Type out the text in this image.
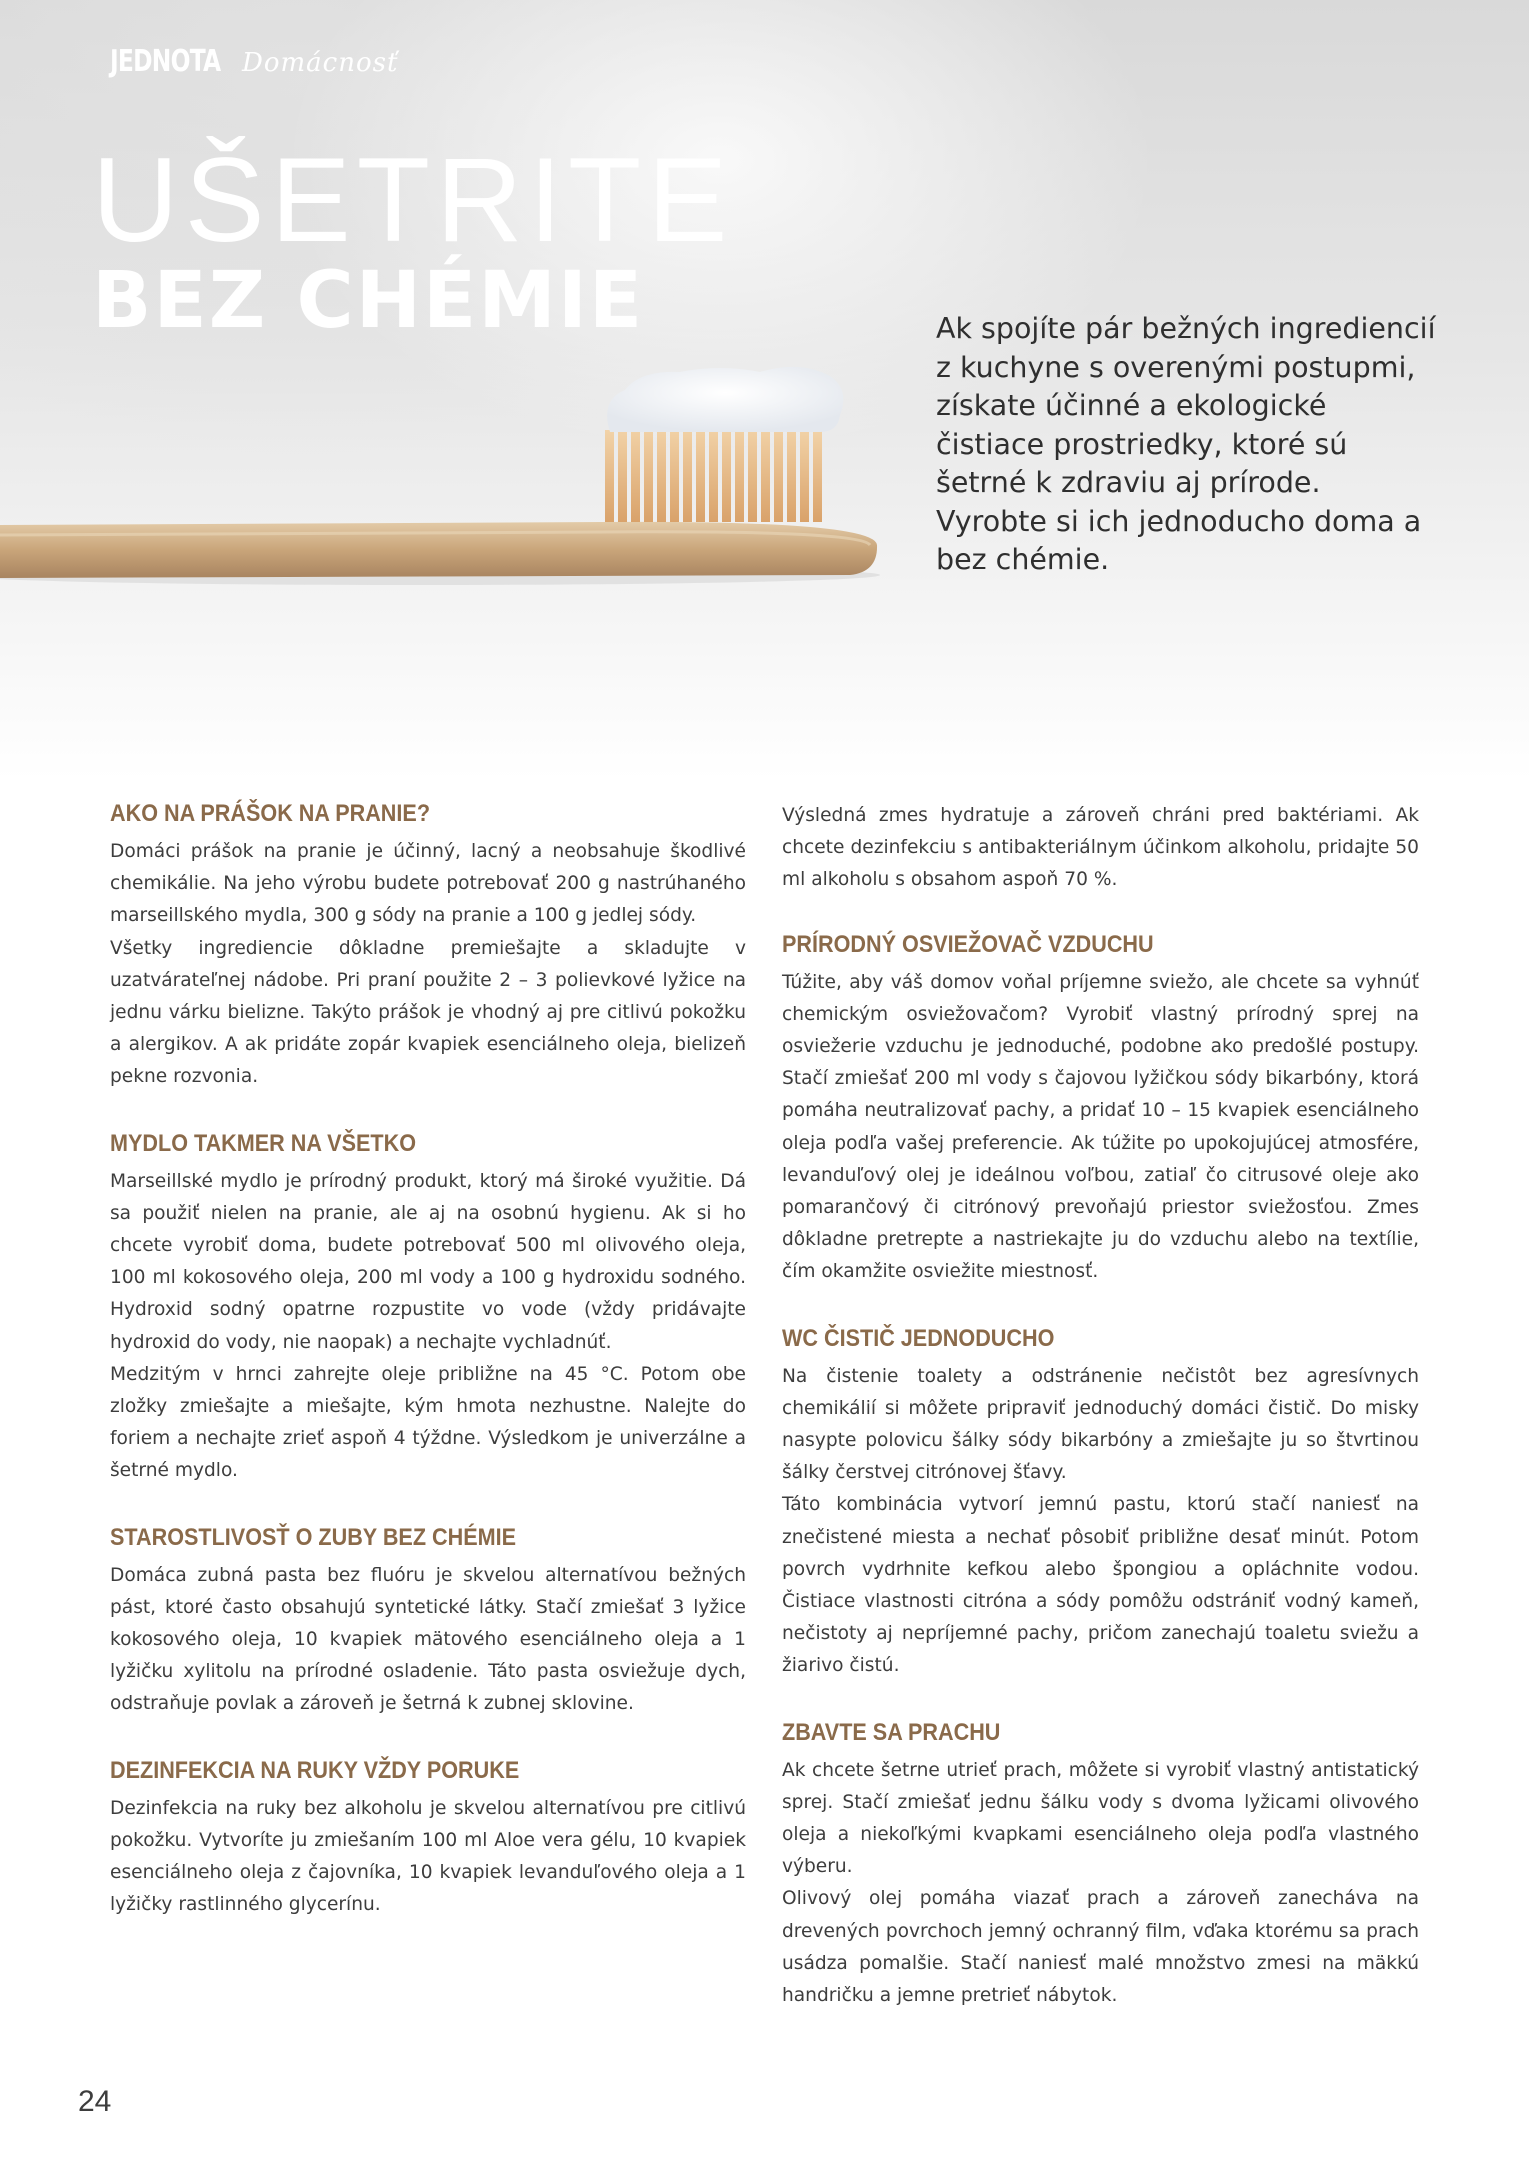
JEDNOTA Domácnosť
UŠETRITE
BEZ CHÉMIE	Ak spojíte pár bežných ingrediencií z kuchyne s overenými postupmi, získate účinné a ekologické čistiace prostriedky, ktoré sú šetrné k zdraviu aj prírode. Vyrobte si ich jednoducho doma a bez chémie.
AKO NA PRÁŠOK NA PRANIE?

Domáci prášok na pranie je účinný, lacný a neobsahuje škodlivé chemikálie. Na jeho výrobu budete potrebovať 200 g nastrúhaného marseillského mydla, 300 g sódy na pranie a 100 g jedlej sódy.

Všetky ingrediencie dôkladne premiešajte a skladujte v uzatvárateľnej nádobe. Pri praní použite 2 – 3 polievkové lyžice na jednu várku bielizne. Takýto prášok je vhodný aj pre citlivú pokožku a alergikov. A ak pridáte zopár kvapiek esenciálneho oleja, bielizeň pekne rozvonia.

MYDLO TAKMER NA VŠETKO

Marseillské mydlo je prírodný produkt, ktorý má široké využitie. Dá sa použiť nielen na pranie, ale aj na osobnú hygienu. Ak si ho chcete vyrobiť doma, budete potrebovať 500 ml olivového oleja, 100 ml kokosového oleja, 200 ml vody a 100 g hydroxidu sodného. Hydroxid sodný opatrne rozpustite vo vode (vždy pridávajte hydroxid do vody, nie naopak) a nechajte vychladnúť.

Medzitým v hrnci zahrejte oleje približne na 45 °C. Potom obe zložky zmiešajte a miešajte, kým hmota nezhustne. Nalejte do foriem a nechajte zrieť aspoň 4 týždne. Výsledkom je univerzálne a šetrné mydlo.

STAROSTLIVOSŤ O ZUBY BEZ CHÉMIE

Domáca zubná pasta bez fluóru je skvelou alternatívou bežných pást, ktoré často obsahujú syntetické látky. Stačí zmiešať 3 lyžice kokosového oleja, 10 kvapiek mätového esenciálneho oleja a 1 lyžičku xylitolu na prírodné osladenie. Táto pasta osviežuje dych, odstraňuje povlak a zároveň je šetrná k zubnej sklovine.

DEZINFEKCIA NA RUKY VŽDY PORUKE

Dezinfekcia na ruky bez alkoholu je skvelou alternatívou pre citlivú pokožku. Vytvoríte ju zmiešaním 100 ml Aloe vera gélu, 10 kvapiek esenciálneho oleja z čajovníka, 10 kvapiek levanduľového oleja a 1 lyžičky rastlinného glycerínu.

Výsledná zmes hydratuje a zároveň chráni pred baktériami. Ak chcete dezinfekciu s antibakteriálnym účinkom alkoholu, pridajte 50 ml alkoholu s obsahom aspoň 70 %.

PRÍRODNÝ OSVIEŽOVAČ VZDUCHU

Túžite, aby váš domov voňal príjemne sviežo, ale chcete sa vyhnúť chemickým osviežovačom? Vyrobiť vlastný prírodný sprej na osviežerie vzduchu je jednoduché, podobne ako predošlé postupy. Stačí zmiešať 200 ml vody s čajovou lyžičkou sódy bikarbóny, ktorá pomáha neutralizovať pachy, a pridať 10 – 15 kvapiek esenciálneho oleja podľa vašej preferencie. Ak túžite po upokojujúcej atmosfére, levanduľový olej je ideálnou voľbou, zatiaľ čo citrusové oleje ako pomarančový či citrónový prevoňajú priestor sviežosťou. Zmes dôkladne pretrepte a nastriekajte ju do vzduchu alebo na textílie, čím okamžite osviežite miestnosť.

WC ČISTIČ JEDNODUCHO

Na čistenie toalety a odstránenie nečistôt bez agresívnych chemikálií si môžete pripraviť jednoduchý domáci čistič. Do misky nasypte polovicu šálky sódy bikarbóny a zmiešajte ju so štvrtinou šálky čerstvej citrónovej šťavy.

Táto kombinácia vytvorí jemnú pastu, ktorú stačí naniesť na znečistené miesta a nechať pôsobiť približne desať minút. Potom povrch vydrhnite kefkou alebo špongiou a opláchnite vodou. Čistiace vlastnosti citróna a sódy pomôžu odstrániť vodný kameň, nečistoty aj nepríjemné pachy, pričom zanechajú toaletu sviežu a žiarivo čistú.

ZBAVTE SA PRACHU

Ak chcete šetrne utrieť prach, môžete si vyrobiť vlastný antistatický sprej. Stačí zmiešať jednu šálku vody s dvoma lyžicami olivového oleja a niekoľkými kvapkami esenciálneho oleja podľa vlastného výberu.

Olivový olej pomáha viazať prach a zároveň zanecháva na drevených povrchoch jemný ochranný film, vďaka ktorému sa prach usádza pomalšie. Stačí naniesť malé množstvo zmesi na mäkkú handričku a jemne pretrieť nábytok.

24
